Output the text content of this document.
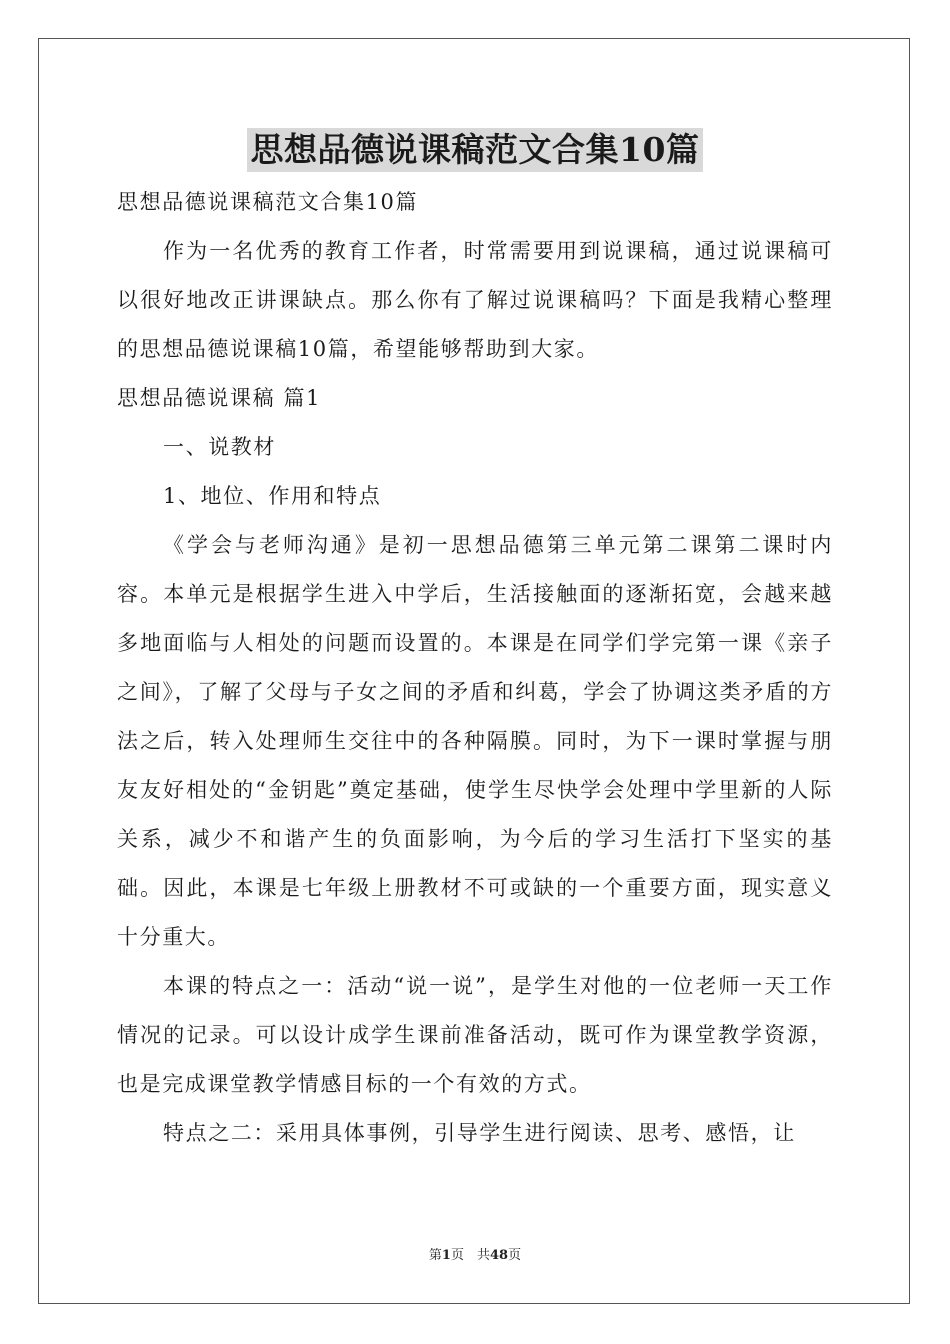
思想品德说课稿范文合集10篇

思想品德说课稿范文合集10篇

作为一名优秀的教育工作者，时常需要用到说课稿，通过说课稿可以很好地改正讲课缺点。那么你有了解过说课稿吗？下面是我精心整理的思想品德说课稿10篇，希望能够帮助到大家。

思想品德说课稿 篇1

一、说教材

1、地位、作用和特点

《学会与老师沟通》是初一思想品德第三单元第二课第二课时内容。本单元是根据学生进入中学后，生活接触面的逐渐拓宽，会越来越多地面临与人相处的问题而设置的。本课是在同学们学完第一课《亲子之间》，了解了父母与子女之间的矛盾和纠葛，学会了协调这类矛盾的方法之后，转入处理师生交往中的各种隔膜。同时，为下一课时掌握与朋友友好相处的“金钥匙”奠定基础，使学生尽快学会处理中学里新的人际关系，减少不和谐产生的负面影响，为今后的学习生活打下坚实的基础。因此，本课是七年级上册教材不可或缺的一个重要方面，现实意义十分重大。

本课的特点之一：活动“说一说”，是学生对他的一位老师一天工作情况的记录。可以设计成学生课前准备活动，既可作为课堂教学资源，也是完成课堂教学情感目标的一个有效的方式。

特点之二：采用具体事例，引导学生进行阅读、思考、感悟，让

第1页　共48页
